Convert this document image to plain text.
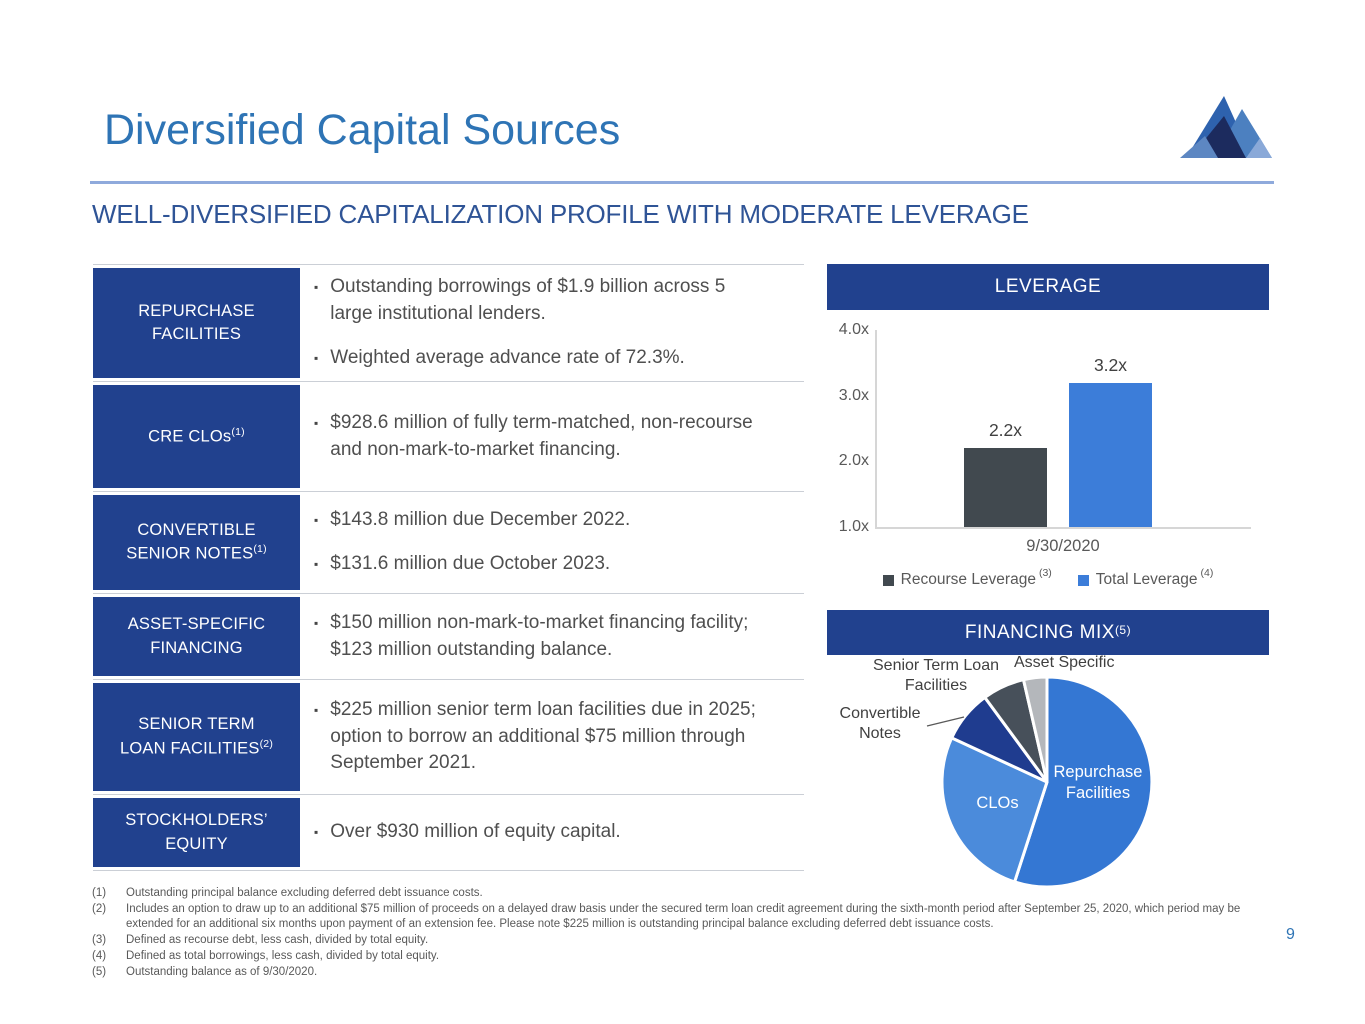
Diversified Capital Sources
WELL-DIVERSIFIED CAPITALIZATION PROFILE WITH MODERATE LEVERAGE
REPURCHASE
FACILITIES
▪ Outstanding borrowings of $1.9 billion across 5 large institutional lenders.
▪ Weighted average advance rate of 72.3%.
CRE CLOs$^{(1)}$
▪ $928.6 million of fully term-matched, non-recourse and non-mark-to-market financing.
CONVERTIBLE
SENIOR NOTES$^{(1)}$
▪ $143.8 million due December 2022.
▪ $131.6 million due October 2023.
ASSET-SPECIFIC
FINANCING
▪ $150 million non-mark-to-market financing facility; $123 million outstanding balance.
SENIOR TERM
LOAN FACILITIES$^{(2)}$
▪ $225 million senior term loan facilities due in 2025; option to borrow an additional $75 million through September 2021.
STOCKHOLDERS’
EQUITY
▪ Over $930 million of equity capital.
LEVERAGE
4.0x
3.0x
2.0x
1.0x
2.2x
3.2x
9/30/2020
Recourse Leverage $^{(3)}$	Total Leverage $^{(4)}$
FINANCING MIX (5)
Senior Term Loan Facilities
Asset Specific
Convertible Notes
CLOs
Repurchase Facilities
(1)	Outstanding principal balance excluding deferred debt issuance costs.
(2)	Includes an option to draw up to an additional $75 million of proceeds on a delayed draw basis under the secured term loan credit agreement during the sixth-month period after September 25, 2020, which period may be extended for an additional six months upon payment of an extension fee. Please note $225 million is outstanding principal balance excluding deferred debt issuance costs.
(3)	Defined as recourse debt, less cash, divided by total equity.
(4)	Defined as total borrowings, less cash, divided by total equity.
(5)	Outstanding balance as of 9/30/2020.
9
